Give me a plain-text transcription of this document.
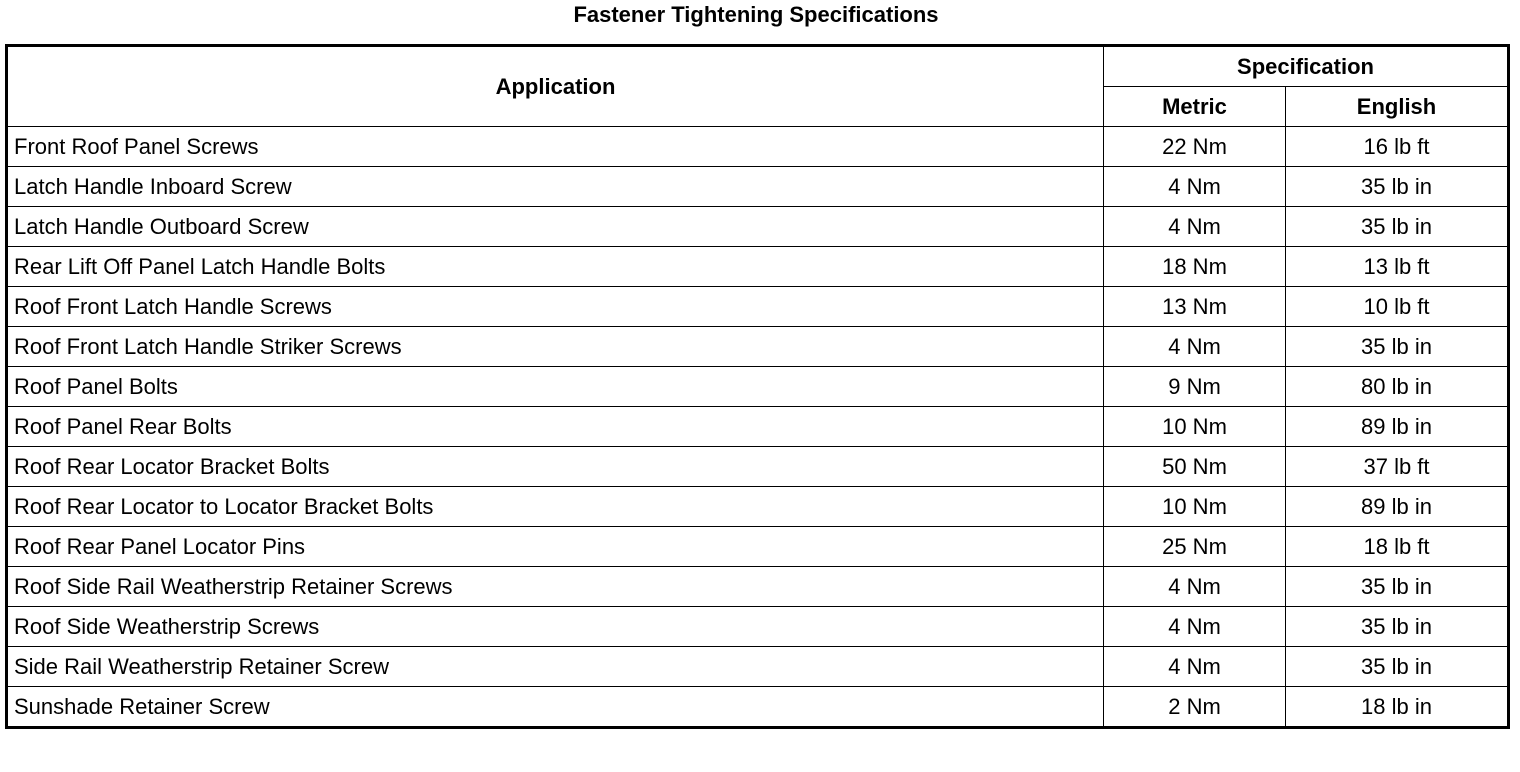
Fastener Tightening Specifications
Application	Specification	
	Metric	English
Front Roof Panel Screws	22 Nm	16 lb ft
Latch Handle Inboard Screw	4 Nm	35 lb in
Latch Handle Outboard Screw	4 Nm	35 lb in
Rear Lift Off Panel Latch Handle Bolts	18 Nm	13 lb ft
Roof Front Latch Handle Screws	13 Nm	10 lb ft
Roof Front Latch Handle Striker Screws	4 Nm	35 lb in
Roof Panel Bolts	9 Nm	80 lb in
Roof Panel Rear Bolts	10 Nm	89 lb in
Roof Rear Locator Bracket Bolts	50 Nm	37 lb ft
Roof Rear Locator to Locator Bracket Bolts	10 Nm	89 lb in
Roof Rear Panel Locator Pins	25 Nm	18 lb ft
Roof Side Rail Weatherstrip Retainer Screws	4 Nm	35 lb in
Roof Side Weatherstrip Screws	4 Nm	35 lb in
Side Rail Weatherstrip Retainer Screw	4 Nm	35 lb in
Sunshade Retainer Screw	2 Nm	18 lb in
